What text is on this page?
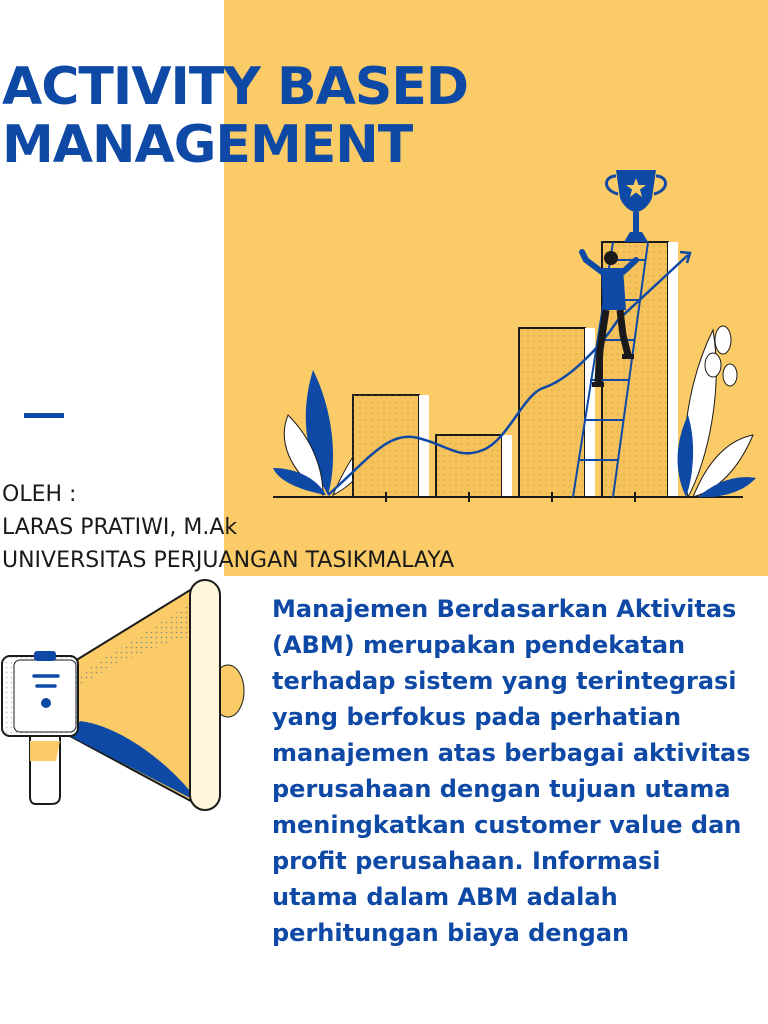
ACTIVITY BASED
MANAGEMENT
OLEH :
LARAS PRATIWI, M.Ak
UNIVERSITAS PERJUANGAN TASIKMALAYA

Manajemen Berdasarkan Aktivitas (ABM) merupakan pendekatan terhadap sistem yang terintegrasi yang berfokus pada perhatian manajemen atas berbagai aktivitas perusahaan dengan tujuan utama meningkatkan customer value dan profit perusahaan. Informasi utama dalam ABM adalah perhitungan biaya dengan
